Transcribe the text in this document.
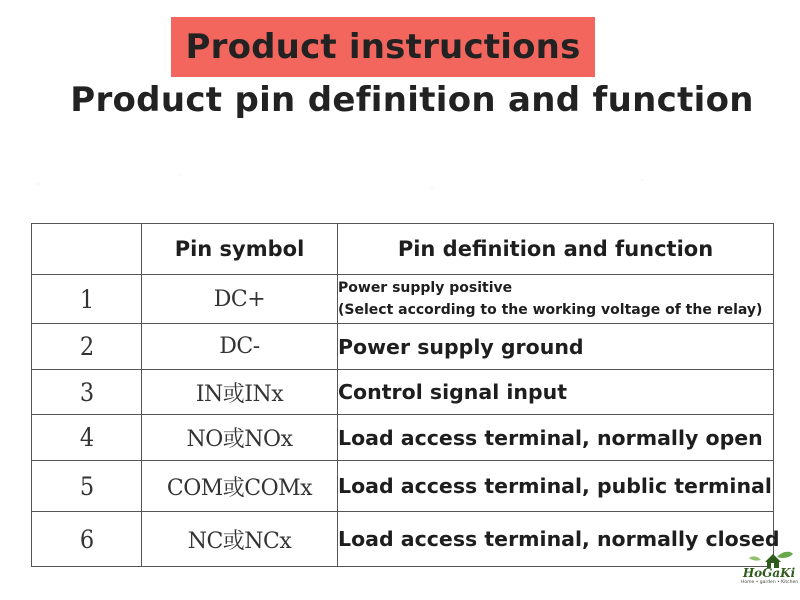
Product instructions
Product pin definition and function
	Pin symbol	Pin definition and function
1	DC+	Power supply positive
(Select according to the working voltage of the relay)

2	DC-	Power supply ground

3	IN或INx	Control signal input

4	NO或NOx	Load access terminal, normally open

5	COM或COMx	Load access terminal, public terminal

6	NC或NCx	Load access terminal, normally closed
HoGaKi
Home • garden • Kitchen
